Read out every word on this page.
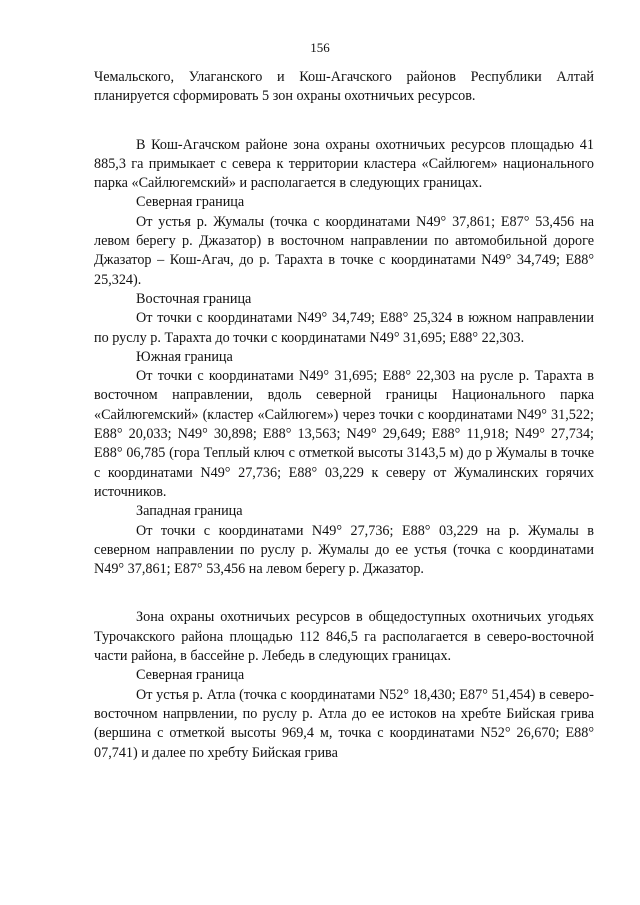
156

Чемальского, Улаганского и Кош-Агачского районов Республики Алтай планируется сформировать 5 зон охраны охотничьих ресурсов.

В Кош-Агачском районе зона охраны охотничьих ресурсов площадью 41 885,3 га примыкает с севера к территории кластера «Сайлюгем» национального парка «Сайлюгемский» и располагается в следующих границах.

Северная граница

От устья р. Жумалы (точка с координатами N49° 37,861; E87° 53,456 на левом берегу р. Джазатор) в восточном направлении по автомобильной дороге Джазатор – Кош-Агач, до р. Тарахта в точке с координатами N49° 34,749; E88° 25,324).

Восточная граница

От точки с координатами N49° 34,749; E88° 25,324 в южном направлении по руслу р. Тарахта до точки с координатами N49° 31,695; E88° 22,303.

Южная граница

От точки с координатами N49° 31,695; E88° 22,303 на русле р. Тарахта в восточном направлении, вдоль северной границы Национального парка «Сайлюгемский» (кластер «Сайлюгем») через точки с координатами N49° 31,522; E88° 20,033; N49° 30,898; E88° 13,563; N49° 29,649; E88° 11,918; N49° 27,734; E88° 06,785 (гора Теплый ключ с отметкой высоты 3143,5 м) до р Жумалы в точке с координатами N49° 27,736; E88° 03,229 к северу от Жумалинских горячих источников.

Западная граница

От точки с координатами N49° 27,736; E88° 03,229 на р. Жумалы в северном направлении по руслу р. Жумалы до ее устья (точка с координатами N49° 37,861; E87° 53,456 на левом берегу р. Джазатор.

Зона охраны охотничьих ресурсов в общедоступных охотничьих угодьях Турочакского района площадью 112 846,5 га располагается в северо-восточной части района, в бассейне р. Лебедь в следующих границах.

Северная граница

От устья р. Атла (точка с координатами N52° 18,430; E87° 51,454) в северо-восточном напрвлении, по руслу р. Атла до ее истоков на хребте Бийская грива (вершина с отметкой высоты 969,4 м, точка с координатами N52° 26,670; E88° 07,741) и далее по хребту Бийская грива
